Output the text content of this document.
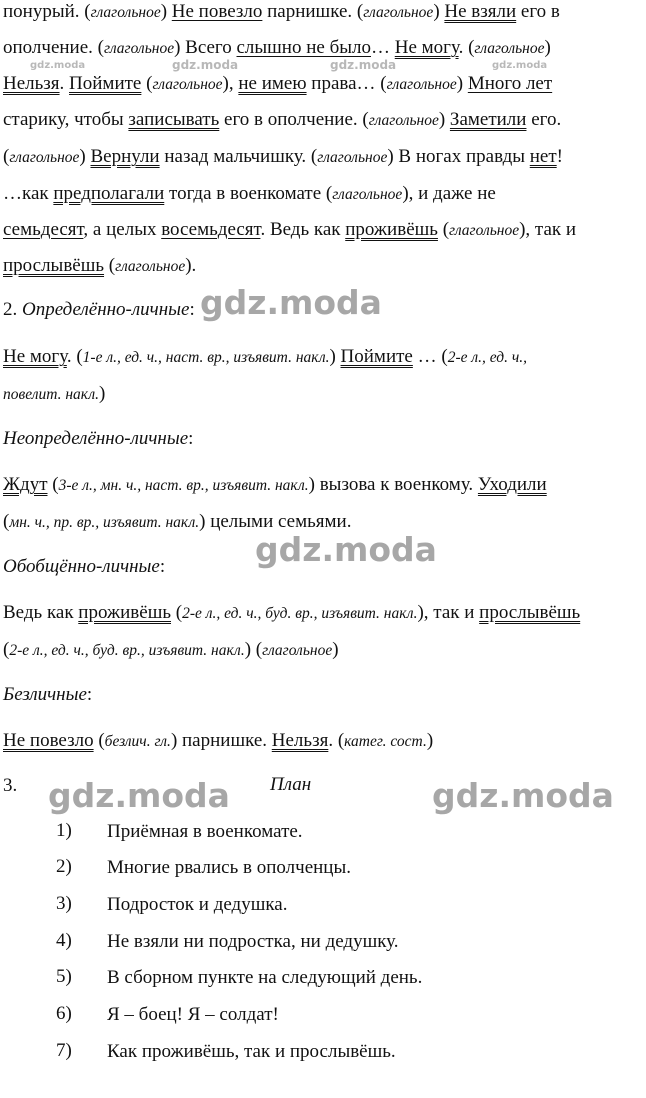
понурый. (глагольное) Не повезло парнишке. (глагольное) Не взяли его в
ополчение. (глагольное) Всего слышно не было… Не могу. (глагольное)
Нельзя. Поймите (глагольное), не имею права… (глагольное) Много лет
старику, чтобы записывать его в ополчение. (глагольное) Заметили его.
(глагольное) Вернули назад мальчишку. (глагольное) В ногах правды нет!
…как предполагали тогда в военкомате (глагольное), и даже не
семьдесят, а целых восемьдесят. Ведь как проживёшь (глагольное), так и
прослывёшь (глагольное).
2. Определённо-личные:
Не могу. (1-е л., ед. ч., наст. вр., изъявит. накл.) Поймите … (2-е л., ед. ч.,
повелит. накл.)
Неопределённо-личные:
Ждут (3-е л., мн. ч., наст. вр., изъявит. накл.) вызова к военкому. Уходили
(мн. ч., пр. вр., изъявит. накл.) целыми семьями.
Обобщённо-личные:
Ведь как проживёшь (2-е л., ед. ч., буд. вр., изъявит. накл.), так и прослывёшь
(2-е л., ед. ч., буд. вр., изъявит. накл.) (глагольное)
Безличные:
Не повезло (безлич. гл.) парнишке. Нельзя. (катег. сост.)
3.	План
1)	Приёмная в военкомате.
2)	Многие рвались в ополченцы.
3)	Подросток и дедушка.
4)	Не взяли ни подростка, ни дедушку.
5)	В сборном пункте на следующий день.
6)	Я – боец! Я – солдат!
7)	Как проживёшь, так и прослывёшь.
gdz.moda	gdz.moda	gdz.moda	gdz.moda
gdz.moda
gdz.moda
gdz.moda	gdz.moda
